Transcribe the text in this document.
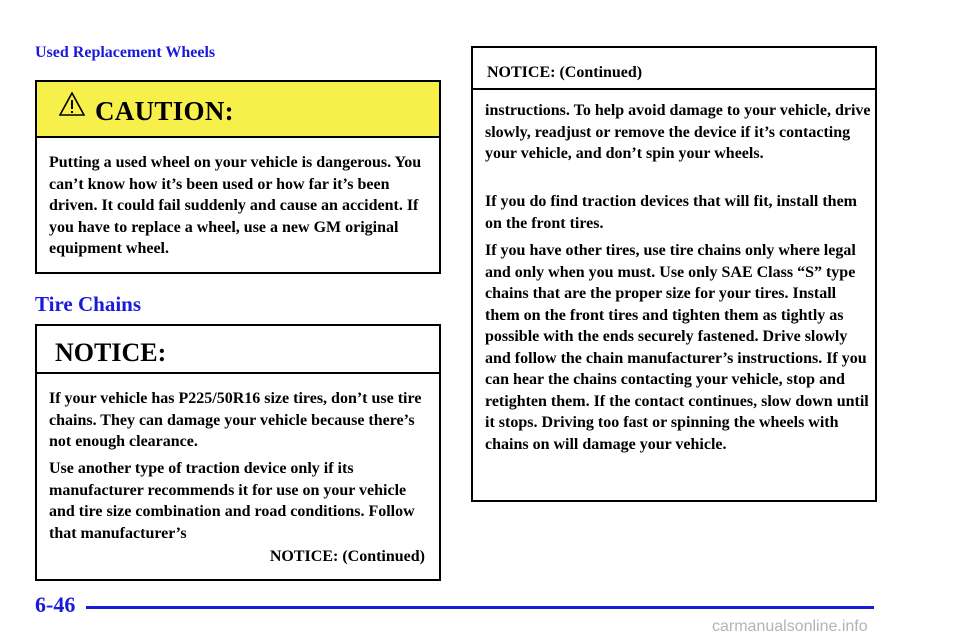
Used Replacement Wheels
CAUTION:

Putting a used wheel on your vehicle is dangerous. You can’t know how it’s been used or how far it’s been driven. It could fail suddenly and cause an accident. If you have to replace a wheel, use a new GM original equipment wheel.

Tire Chains
NOTICE:

If your vehicle has P225/50R16 size tires, don’t use tire chains. They can damage your vehicle because there’s not enough clearance.

Use another type of traction device only if its manufacturer recommends it for use on your vehicle and tire size combination and road conditions. Follow that manufacturer’s

NOTICE: (Continued)
NOTICE: (Continued)

instructions. To help avoid damage to your vehicle, drive slowly, readjust or remove the device if it’s contacting your vehicle, and don’t spin your wheels.

If you do find traction devices that will fit, install them on the front tires.

If you have other tires, use tire chains only where legal and only when you must. Use only SAE Class “S” type chains that are the proper size for your tires. Install them on the front tires and tighten them as tightly as possible with the ends securely fastened. Drive slowly and follow the chain manufacturer’s instructions. If you can hear the chains contacting your vehicle, stop and retighten them. If the contact continues, slow down until it stops. Driving too fast or spinning the wheels with chains on will damage your vehicle.

6-46
carmanualsonline.info
